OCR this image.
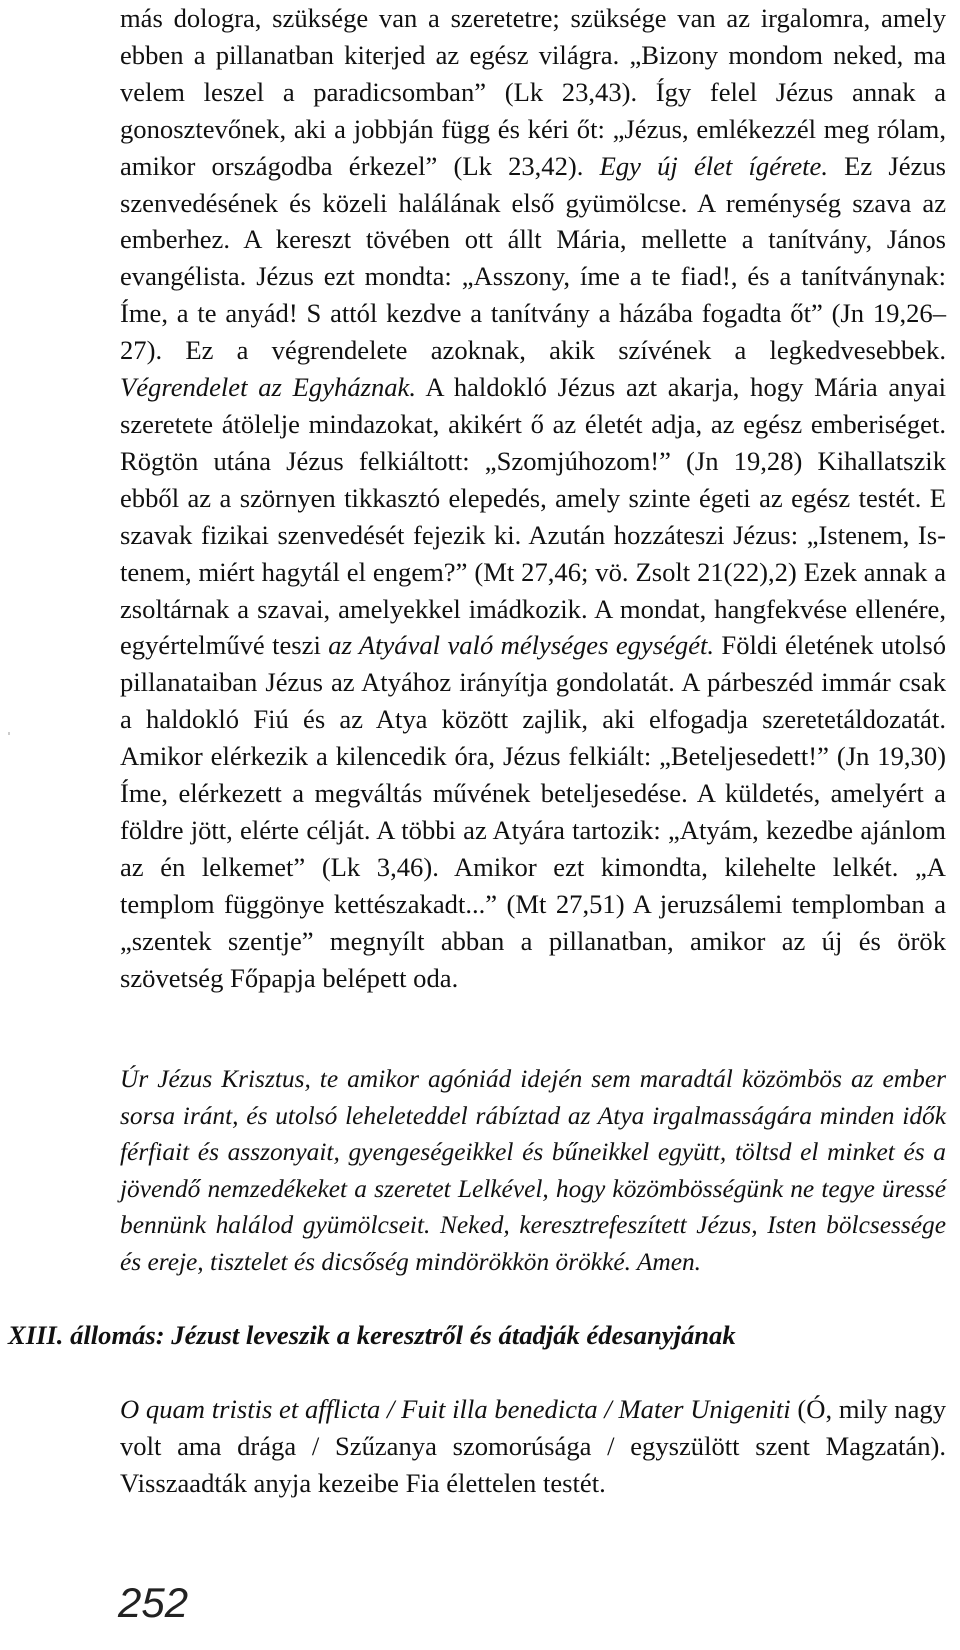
más dologra, szüksége van a szeretetre; szüksége van az irgalomra, amely ebben a pillanatban kiterjed az egész világra. „Bizony mondom neked, ma velem leszel a paradicsomban” (Lk 23,43). Így felel Jézus annak a gonosztevőnek, aki a jobbján függ és kéri őt: „Jézus, emlékezzél meg rólam, amikor országodba érkezel” (Lk 23,42). Egy új élet ígérete. Ez Jézus szenvedésének és közeli halálának első gyümölcse. A reménység szava az emberhez. A kereszt tövében ott állt Mária, mellette a tanítvány, János evangélista. Jézus ezt mondta: „Asszony, íme a te fiad!, és a tanítványnak: Íme, a te anyád! S attól kezdve a tanítvány a házába fogadta őt” (Jn 19,26–27). Ez a végrendelete azoknak, akik szívének a legkedvesebbek. Végrendelet az Egyháznak. A haldokló Jézus azt akarja, hogy Mária anyai szeretete átölelje mindazokat, akikért ő az életét adja, az egész emberiséget. Rögtön utána Jézus felkiáltott: „Szomjúhozom!” (Jn 19,28) Kihallatszik ebből az a szörnyen tikkasztó elepedés, amely szinte égeti az egész testét. E szavak fizikai szenvedését fejezik ki. Azután hozzáteszi Jézus: „Istenem, Istenem, miért hagytál el engem?” (Mt 27,46; vö. Zsolt 21(22),2) Ezek annak a zsoltárnak a szavai, amelyekkel imádkozik. A mondat, hangfekvése ellenére, egyértelművé teszi az Atyával való mélységes egységét. Földi életének utolsó pillanataiban Jézus az Atyához irányítja gondolatát. A párbeszéd immár csak a haldokló Fiú és az Atya között zajlik, aki elfogadja szeretetáldozatát. Amikor elérkezik a kilencedik óra, Jézus felkiált: „Beteljesedett!” (Jn 19,30) Íme, elérkezett a megváltás művének beteljesedése. A küldetés, amelyért a földre jött, elérte célját. A többi az Atyára tartozik: „Atyám, kezedbe ajánlom az én lelkemet” (Lk 3,46). Amikor ezt kimondta, kilehelte lelkét. „A templom függönye kettészakadt...” (Mt 27,51) A jeruzsálemi templomban a „szentek szentje” megnyílt abban a pillanatban, amikor az új és örök szövetség Főpapja belépett oda.

Úr Jézus Krisztus, te amikor agóniád idején sem maradtál közömbös az ember sorsa iránt, és utolsó leheleteddel rábíztad az Atya irgalmasságára minden idők férfiait és asszonyait, gyengeségeikkel és bűneikkel együtt, töltsd el minket és a jövendő nemzedékeket a szeretet Lelkével, hogy közömbösségünk ne tegye üressé bennünk halálod gyümölcseit. Neked, keresztrefeszített Jézus, Isten bölcsessége és ereje, tisztelet és dicsőség mindörökkön örökké. Amen.

XIII. állomás: Jézust leveszik a keresztről és átadják édesanyjának

O quam tristis et afflicta / Fuit illa benedicta / Mater Unigeniti (Ó, mily nagy volt ama drága / Szűzanya szomorúsága / egyszülött szent Magzatán). Visszaadták anyja kezeibe Fia élettelen testét.

252
